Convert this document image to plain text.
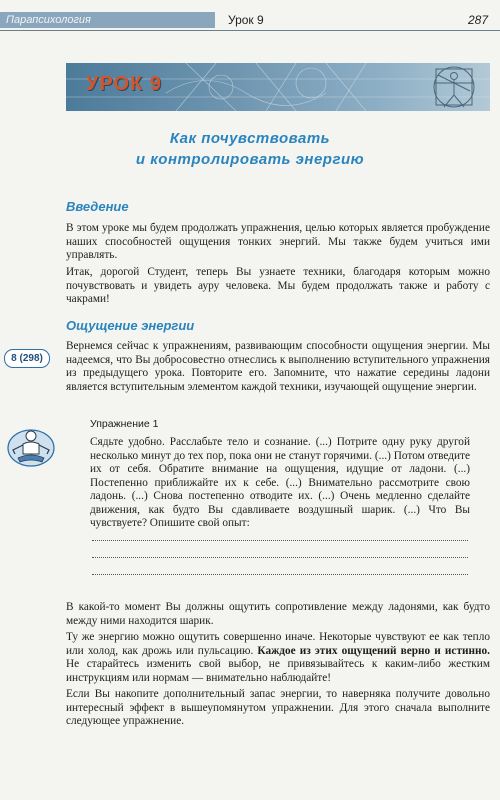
Парапсихология	Урок 9	287
УРОК 9
Как почувствовать
и контролировать энергию
Введение

В этом уроке мы будем продолжать упражнения, целью которых является пробуждение наших способностей ощущения тонких энергий. Мы также будем учиться ими управлять.

Итак, дорогой Студент, теперь Вы узнаете техники, благодаря которым можно почувствовать и увидеть ауру человека. Мы будем продолжать также и работу с чакрами!

Ощущение энергии
8 (298)

Вернемся сейчас к упражнениям, развивающим способности ощущения энергии. Мы надеемся, что Вы добросовестно отнеслись к выполнению вступительного упражнения из предыдущего урока. Повторите его. Запомните, что нажатие середины ладони является вступительным элементом каждой техники, изучающей ощущение энергии.

Упражнение 1

Сядьте удобно. Расслабьте тело и сознание. (...) Потрите одну руку другой несколько минут до тех пор, пока они не станут горячими. (...) Потом отведите их от себя. Обратите внимание на ощущения, идущие от ладони. (...) Постепенно приближайте их к себе. (...) Внимательно рассмотрите свою ладонь. (...) Снова постепенно отводите их. (...) Очень медленно сделайте движения, как будто Вы сдавливаете воздушный шарик. (...) Что Вы чувствуете? Опишите свой опыт:

В какой-то момент Вы должны ощутить сопротивление между ладонями, как будто между ними находится шарик.

Ту же энергию можно ощутить совершенно иначе. Некоторые чувствуют ее как тепло или холод, как дрожь или пульсацию. Каждое из этих ощущений верно и истинно. Не старайтесь изменить свой выбор, не привязывайтесь к каким-либо жестким инструкциям или нормам — внимательно наблюдайте!

Если Вы накопите дополнительный запас энергии, то наверняка получите довольно интересный эффект в вышеупомянутом упражнении. Для этого сначала выполните следующее упражнение.
